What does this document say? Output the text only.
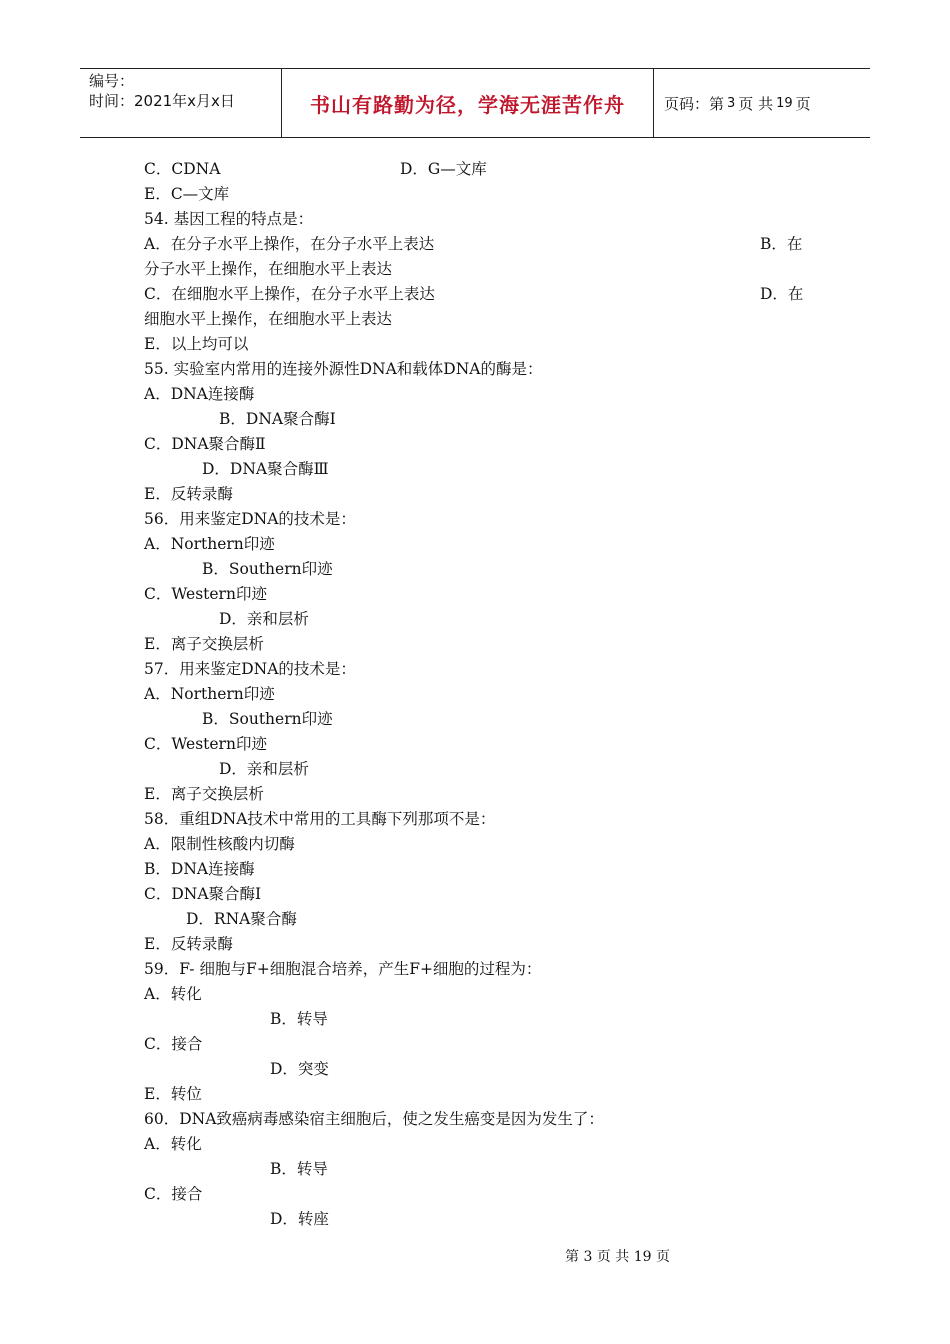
编号：
时间：2021年x月x日	书山有路勤为径，学海无涯苦作舟	页码：第 3 页 共 19 页
C．CDNA	D．G—文库
E．C—文库
54. 基因工程的特点是：
A．在分子水平上操作，在分子水平上表达	B．在
分子水平上操作，在细胞水平上表达
C．在细胞水平上操作，在分子水平上表达	D．在
细胞水平上操作，在细胞水平上表达
E．以上均可以
55. 实验室内常用的连接外源性DNA和载体DNA的酶是：
A．DNA连接酶
B．DNA聚合酶Ⅰ
C．DNA聚合酶Ⅱ
D．DNA聚合酶Ⅲ
E．反转录酶
56．用来鉴定DNA的技术是：
A．Northern印迹
B．Southern印迹
C．Western印迹
D．亲和层析
E．离子交换层析
57．用来鉴定DNA的技术是：
A．Northern印迹
B．Southern印迹
C．Western印迹
D．亲和层析
E．离子交换层析
58．重组DNA技术中常用的工具酶下列那项不是：
A．限制性核酸内切酶
B．DNA连接酶
C．DNA聚合酶Ⅰ
D．RNA聚合酶
E．反转录酶
59．F- 细胞与F+细胞混合培养，产生F+细胞的过程为：
A．转化
B．转导
C．接合
D．突变
E．转位
60．DNA致癌病毒感染宿主细胞后，使之发生癌变是因为发生了：
A．转化
B．转导
C．接合
D．转座
第 3 页 共 19 页
